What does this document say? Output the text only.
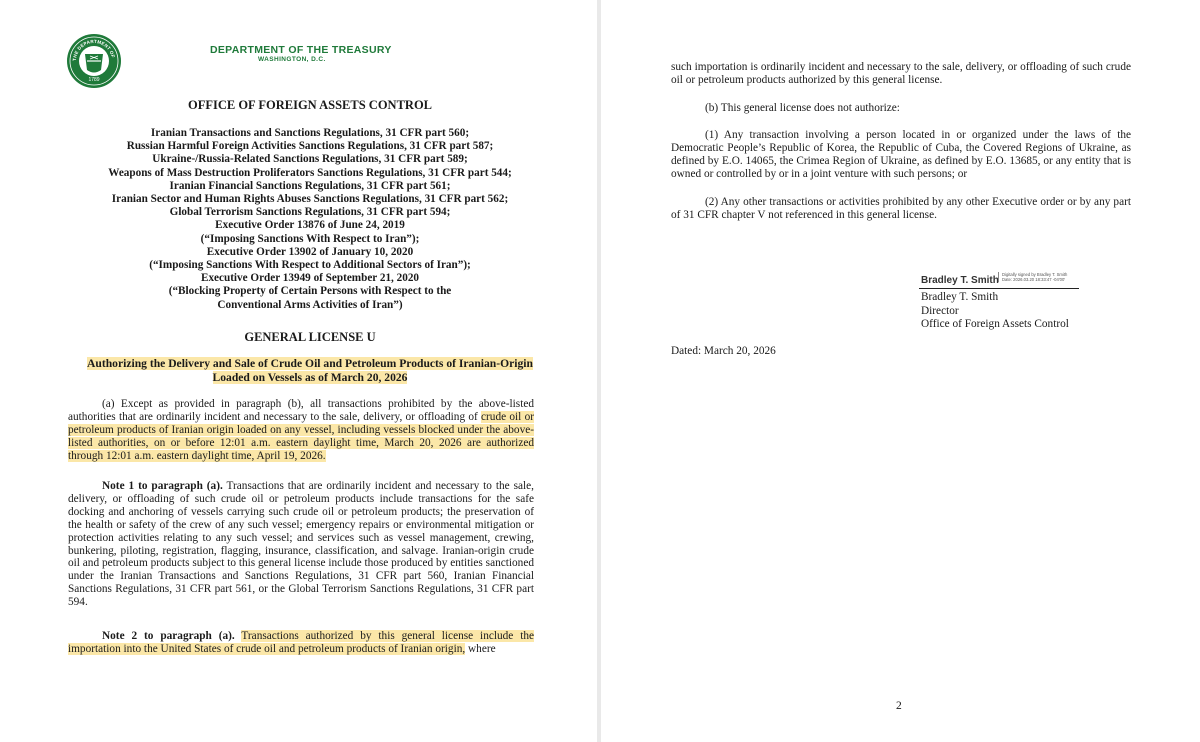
THE DEPARTMENT OF
1789
DEPARTMENT OF THE TREASURY
WASHINGTON, D.C.
OFFICE OF FOREIGN ASSETS CONTROL
Iranian Transactions and Sanctions Regulations, 31 CFR part 560;
Russian Harmful Foreign Activities Sanctions Regulations, 31 CFR part 587;
Ukraine-/Russia-Related Sanctions Regulations, 31 CFR part 589;
Weapons of Mass Destruction Proliferators Sanctions Regulations, 31 CFR part 544;
Iranian Financial Sanctions Regulations, 31 CFR part 561;
Iranian Sector and Human Rights Abuses Sanctions Regulations, 31 CFR part 562;
Global Terrorism Sanctions Regulations, 31 CFR part 594;
Executive Order 13876 of June 24, 2019
(“Imposing Sanctions With Respect to Iran”);
Executive Order 13902 of January 10, 2020
(“Imposing Sanctions With Respect to Additional Sectors of Iran”);
Executive Order 13949 of September 21, 2020
(“Blocking Property of Certain Persons with Respect to the
Conventional Arms Activities of Iran”)
GENERAL LICENSE U
Authorizing the Delivery and Sale of Crude Oil and Petroleum Products of Iranian-Origin
Loaded on Vessels as of March 20, 2026
(a) Except as provided in paragraph (b), all transactions prohibited by the above-listed authorities that are ordinarily incident and necessary to the sale, delivery, or offloading of crude oil or petroleum products of Iranian origin loaded on any vessel, including vessels blocked under the above-listed authorities, on or before 12:01 a.m. eastern daylight time, March 20, 2026 are authorized through 12:01 a.m. eastern daylight time, April 19, 2026.
Note 1 to paragraph (a). Transactions that are ordinarily incident and necessary to the sale, delivery, or offloading of such crude oil or petroleum products include transactions for the safe docking and anchoring of vessels carrying such crude oil or petroleum products; the preservation of the health or safety of the crew of any such vessel; emergency repairs or environmental mitigation or protection activities relating to any such vessel; and services such as vessel management, crewing, bunkering, piloting, registration, flagging, insurance, classification, and salvage. Iranian-origin crude oil and petroleum products subject to this general license include those produced by entities sanctioned under the Iranian Transactions and Sanctions Regulations, 31 CFR part 560, Iranian Financial Sanctions Regulations, 31 CFR part 561, or the Global Terrorism Sanctions Regulations, 31 CFR part 594.
Note 2 to paragraph (a). Transactions authorized by this general license include the importation into the United States of crude oil and petroleum products of Iranian origin, where
such importation is ordinarily incident and necessary to the sale, delivery, or offloading of such crude oil or petroleum products authorized by this general license.
(b) This general license does not authorize:
(1) Any transaction involving a person located in or organized under the laws of the Democratic People’s Republic of Korea, the Republic of Cuba, the Covered Regions of Ukraine, as defined by E.O. 14065, the Crimea Region of Ukraine, as defined by E.O. 13685, or any entity that is owned or controlled by or in a joint venture with such persons; or
(2) Any other transactions or activities prohibited by any other Executive order or by any part of 31 CFR chapter V not referenced in this general license.
Bradley T. Smith
Digitally signed by Bradley T. Smith
Date: 2026.03.20 18:33:47 -04'00'
Bradley T. Smith
Director
Office of Foreign Assets Control
Dated: March 20, 2026
2
